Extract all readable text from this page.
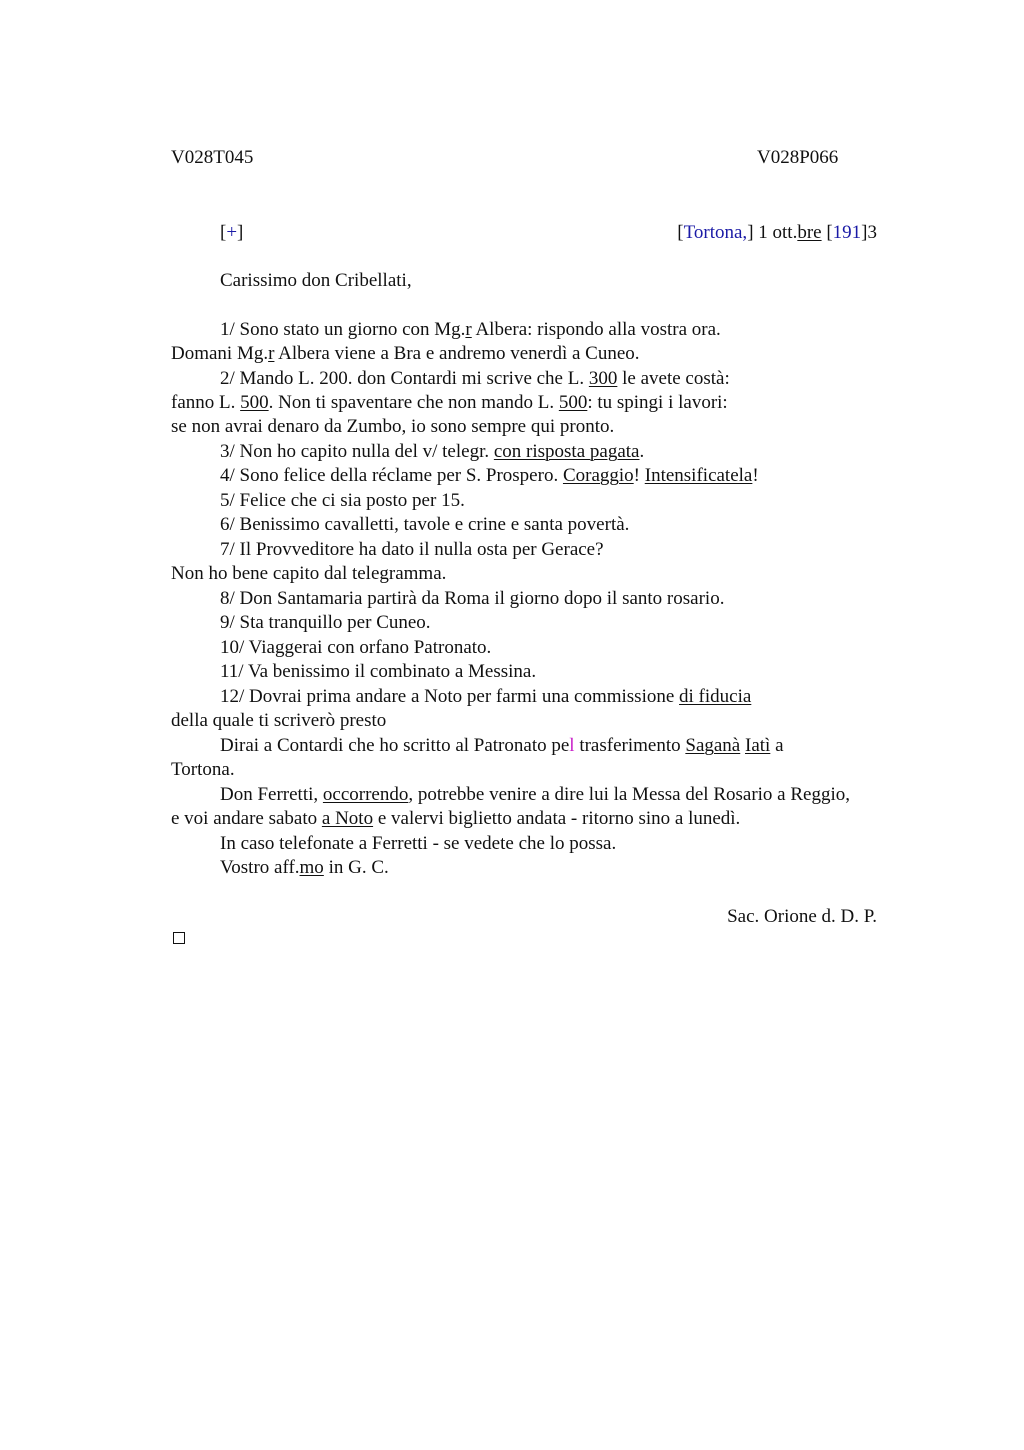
V028T045	V028P066
[+]	[Tortona,] 1 ott.bre [191]3
Carissimo don Cribellati,
1/ Sono stato un giorno con Mg.r Albera: rispondo alla vostra ora.
Domani Mg.r Albera viene a Bra e andremo venerdì a Cuneo.
2/ Mando L. 200. don Contardi mi scrive che L. 300 le avete costà:
fanno L. 500. Non ti spaventare che non mando L. 500: tu spingi i lavori:
se non avrai denaro da Zumbo, io sono sempre qui pronto.
3/ Non ho capito nulla del v/ telegr. con risposta pagata.
4/ Sono felice della réclame per S. Prospero. Coraggio! Intensificatela!
5/ Felice che ci sia posto per 15.
6/ Benissimo cavalletti, tavole e crine e santa povertà.
7/ Il Provveditore ha dato il nulla osta per Gerace?
Non ho bene capito dal telegramma.
8/ Don Santamaria partirà da Roma il giorno dopo il santo rosario.
9/ Sta tranquillo per Cuneo.
10/ Viaggerai con orfano Patronato.
11/ Va benissimo il combinato a Messina.
12/ Dovrai prima andare a Noto per farmi una commissione di fiducia
della quale ti scriverò presto
Dirai a Contardi che ho scritto al Patronato pel trasferimento Saganà Iatì a
Tortona.
Don Ferretti, occorrendo, potrebbe venire a dire lui la Messa del Rosario a Reggio,
e voi andare sabato a Noto e valervi biglietto andata - ritorno sino a lunedì.
In caso telefonate a Ferretti - se vedete che lo possa.
Vostro aff.mo in G. C.
Sac. Orione d. D. P.
